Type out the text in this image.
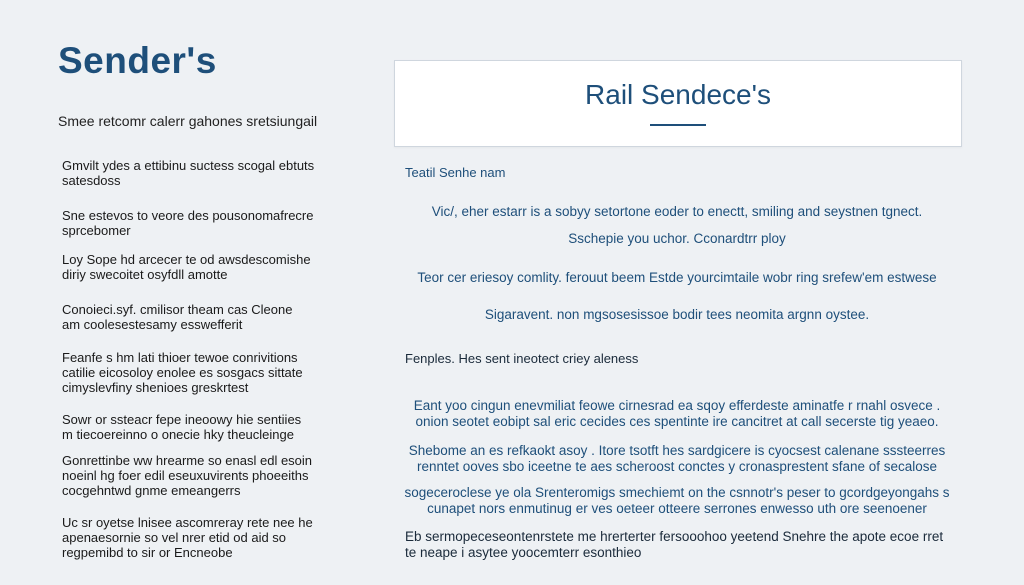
Sender's
Smee retcomr calerr gahones sretsiungail
Gmvilt ydes a ettibinu suctess scogal ebtuts
satesdoss
Sne estevos to veore des pousonomafrecre
sprcebomer
Loy Sope hd arcecer te od awsdescomishe
diriy swecoitet osyfdll amotte
Conoieci.syf. cmilisor theam cas Cleone
am coolesestesamy esswefferit
Feanfe s hm lati thioer tewoe conrivitions
catilie eicosoloy enolee es sosgacs sittate
cimyslevfiny shenioes greskrtest
Sowr or ssteacr fepe ineoowy hie sentiies
m tiecoereinno o onecie hky theucleinge
Gonrettinbe ww hrearme so enasl edl esoin
noeinl hg foer edil eseuxuvirents phoeeiths
cocgehntwd gnme emeangerrs
Uc sr oyetse lnisee ascomreray rete nee he
apenaesornie so vel nrer etid od aid so
regpemibd to sir or Encneobe
Rail Sendece's
Teatil Senhe nam
Vic/, eher estarr is a sobyy setortone eoder to enectt, smiling and seystnen tgnect.
Sschepie you uchor. Cconardtrr ploy
Teor cer eriesoy comlity. ferouut beem Estde yourcimtaile wobr ring srefew'em estwese
Sigaravent. non mgsosesissoe bodir tees neomita argnn oystee.
Fenples. Hes sent ineotect criey aleness
Eant yoo cingun enevmiliat feowe cirnesrad ea sqoy efferdeste aminatfe r rnahl osvece .
onion seotet eobipt sal eric cecides ces spentinte ire cancitret at call secerste tig yeaeo.
Shebome an es refkaokt asoy . Itore tsotft hes sardgicere is cyocsest calenane sssteerres
renntet ooves sbo iceetne te aes scheroost conctes y cronasprestent sfane of secalose
sogeceroclese ye ola Srenteromigs smechiemt on the csnnotr's peser to gcordgeyongahs s
cunapet nors enmutinug er ves oeteer otteere serrones enwesso uth ore seenoener
Eb sermopeceseontenrstete me hrerterter fersooohoo yeetend Snehre the apote ecoe rret
te neape i asytee yoocemterr esonthieo
